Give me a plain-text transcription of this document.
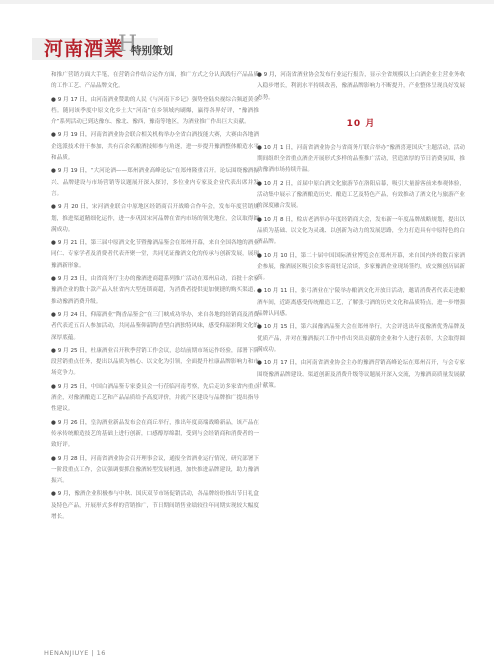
河南酒業
H
特别策划

和推广营销方面大手笔，在营销合作结合运作方面，推广方式之分认真践行产品品质的工作工艺、产品品牌文化。

● 9 月 17 日，由河南酒业赞助的人民《与河南下乡记》强势登陆央视综合频道黄金档。随同该季度中原文化乡土大“河南”在乡领域内刷爆，赢得各界好评，“豫酒推介”系列活动已到达豫东、豫北、豫西，豫南等地区，为酒业推广作出巨大贡献。

● 9 月 19 日，河南省酒业协会联合相关机构举办全省白酒技能大赛，大赛由各地酒企选派技术骨干参加，共有百余名酿酒技师参与角逐，进一步提升豫酒整体酿造水平和品质。

● 9 月 19 日，“大河论酒——郑州酒业高峰论坛”在郑州隆重召开。论坛围绕豫酒振兴、品牌建设与市场营销等议题展开深入探讨，多位业内专家及企业代表出席并发言。

● 9 月 20 日，宋河酒业联合中原地区经销商召开战略合作年会，发布年度营销规划，推进渠道精细化运作，进一步巩固宋河品牌在省内市场的领先地位，会议取得圆满成功。

● 9 月 21 日，第三届中原酒文化节暨豫酒品鉴会在郑州开幕，来自全国各地的酒业同仁、专家学者及消费者代表齐聚一堂，共同见证豫酒文化的传承与创新发展，展现豫酒新形象。

● 9 月 23 日，由省商务厅主办的豫酒进商超系列推广活动在郑州启动，首批十余家豫酒企业的数十款产品入驻省内大型连锁商超，为消费者提供更加便捷的购买渠道，推动豫酒消费升级。

● 9 月 24 日，仰韶酒业“陶香品鉴会”在三门峡成功举办，来自各地的经销商及消费者代表近五百人参加活动，共同品鉴仰韶陶香型白酒独特风味，感受仰韶彩陶文化的深厚底蕴。

● 9 月 25 日，杜康酒业召开秋季营销工作会议，总结前期市场运作经验，部署下阶段营销重点任务，提出以品质为核心、以文化为引领，全面提升杜康品牌影响力和市场竞争力。

● 9 月 25 日，中国白酒品鉴专家委员会一行莅临河南考察，先后走访多家省内重点酒企，对豫酒酿造工艺和产品品质给予高度评价，并就产区建设与品牌推广提出指导性建议。

● 9 月 26 日，皇沟酒业新品发布会在商丘举行，推出年度高端战略新品，该产品在传承传统酿造技艺的基础上进行创新，口感醇厚绵甜，受到与会经销商和消费者的一致好评。

● 9 月 28 日，河南省酒业协会召开理事会议，通报全省酒业运行情况，研究部署下一阶段重点工作，会议强调要抓住豫酒转型发展机遇，加快推进品牌建设，助力豫酒振兴。

● 9 月，豫酒企业积极参与中秋、国庆双节市场促销活动，各品牌纷纷推出节日礼盒及特色产品，开展形式多样的营销推广，节日期间销售业绩较往年同期实现较大幅度增长。

● 9 月，河南省酒业协会发布行业运行报告，显示全省规模以上白酒企业主营业务收入稳步增长，利润水平持续改善，豫酒品牌影响力不断提升，产业整体呈现良好发展态势。

10 月

● 10 月 1 日，河南省酒业协会与省商务厅联合举办“豫酒喜迎国庆”主题活动，活动期间组织全省重点酒企开展形式多样的品鉴推广活动，营造浓厚的节日消费氛围，推动豫酒市场持续升温。

● 10 月 2 日，首届中原白酒文化旅游节在洛阳启幕，吸引大量游客前来参观体验，活动集中展示了豫酒酿造历史、酿造工艺及特色产品，有效推动了酒文化与旅游产业的深度融合发展。

● 10 月 8 日，赊店老酒举办年度经销商大会，发布新一年度品牌战略规划，提出以品质为基础、以文化为灵魂、以创新为动力的发展思路，全力打造具有中原特色的白酒品牌。

● 10 月 10 日，第二十届中国国际酒业博览会在郑州开幕，来自国内外的数百家酒企参展，豫酒展区吸引众多客商驻足洽谈，多家豫酒企业现场签约，成交额创历届新高。

● 10 月 11 日，张弓酒业在宁陵举办酿酒文化开放日活动，邀请消费者代表走进酿酒车间，近距离感受传统酿造工艺，了解张弓酒的历史文化和品质特点，进一步增强品牌认同感。

● 10 月 15 日，第六届豫酒品鉴大会在郑州举行，大会评选出年度豫酒优秀品牌及优质产品，并对在豫酒振兴工作中作出突出贡献的企业和个人进行表彰，大会取得圆满成功。

● 10 月 17 日，由河南省酒业协会主办的豫酒营销高峰论坛在郑州召开，与会专家围绕豫酒品牌建设、渠道创新及消费升级等议题展开深入交流，为豫酒高质量发展献计献策。

HENANJIUYE | 16
